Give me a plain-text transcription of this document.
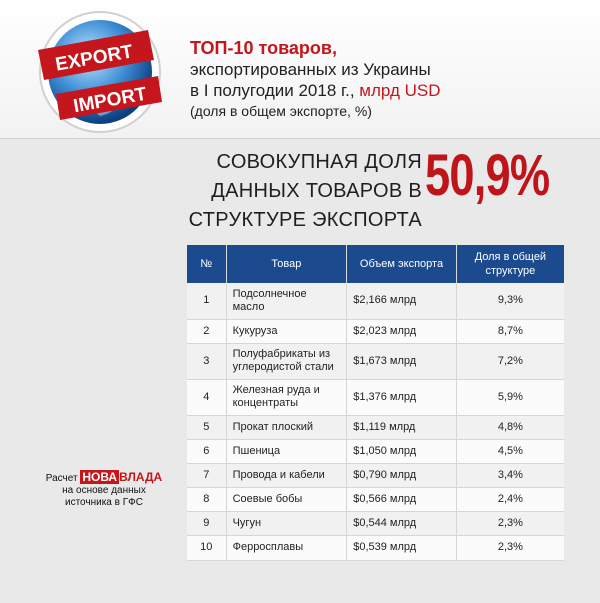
EXPORT
IMPORT
ТОП-10 товаров,
экспортированных из Украины
в I полугодии 2018 г., млрд USD
(доля в общем экспорте, %)
СОВОКУПНАЯ ДОЛЯ
ДАННЫХ ТОВАРОВ В
СТРУКТУРЕ ЭКСПОРТА
50,9%
№	Товар	Объем экспорта	Доля в общей структуре
1	Подсолнечное масло	$2,166 млрд	9,3%
2	Кукуруза	$2,023 млрд	8,7%
3	Полуфабрикаты из углеродистой стали	$1,673 млрд	7,2%
4	Железная руда и концентраты	$1,376 млрд	5,9%
5	Прокат плоский	$1,119 млрд	4,8%
6	Пшеница	$1,050 млрд	4,5%
7	Провода и кабели	$0,790 млрд	3,4%
8	Соевые бобы	$0,566 млрд	2,4%
9	Чугун	$0,544 млрд	2,3%
10	Ферросплавы	$0,539 млрд	2,3%
Расчет НОВА ВЛАДА
на основе данных
источника в ГФС
